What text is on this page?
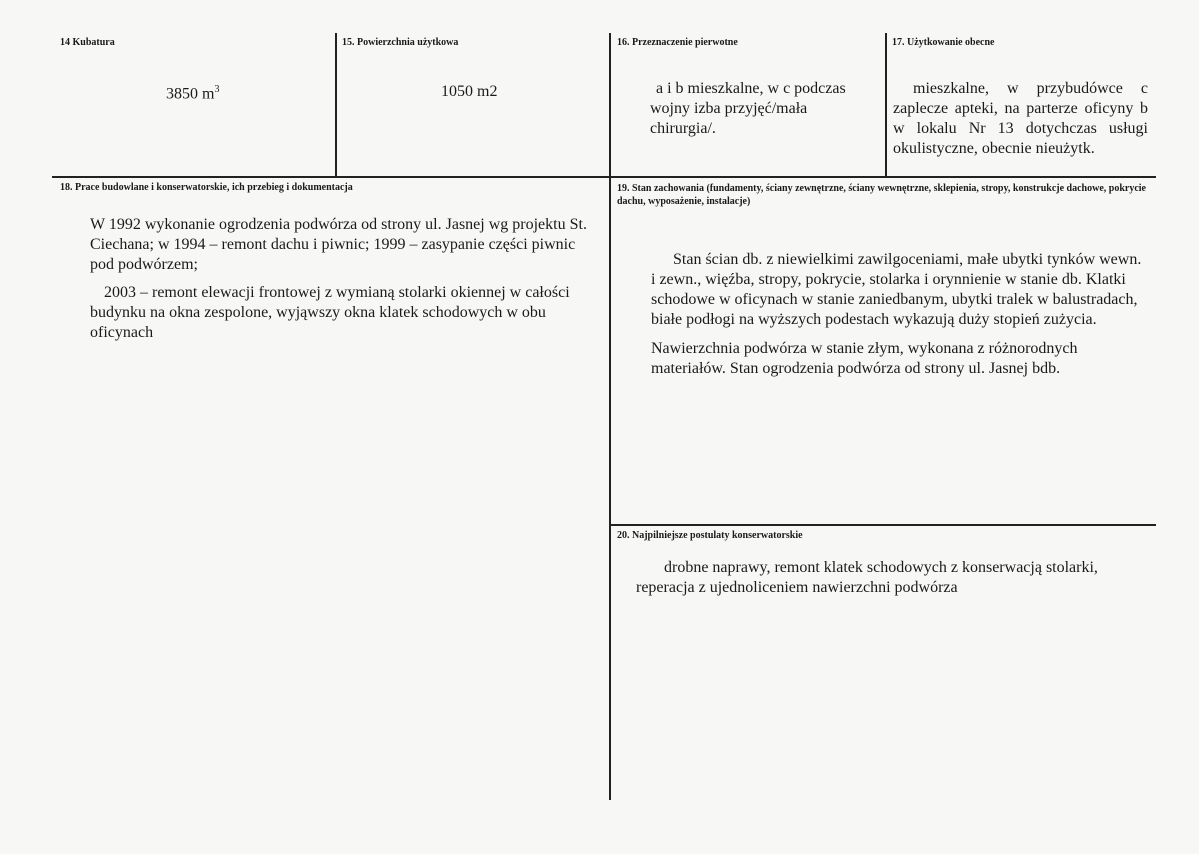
14 Kubatura
3850 $m^3$
15. Powierzchnia użytkowa
1050 m2
16. Przeznaczenie pierwotne
a i b mieszkalne, w c podczas wojny izba przyjęć/mała chirurgia/.
17. Użytkowanie obecne
mieszkalne, w przybudówce c zaplecze apteki, na parterze oficyny b w lokalu Nr 13 dotychczas usługi okulistyczne, obecnie nieużytk.
18. Prace budowlane i konserwatorskie, ich przebieg i dokumentacja

W 1992 wykonanie ogrodzenia podwórza od strony ul. Jasnej wg projektu St. Ciechana; w 1994 – remont dachu i piwnic; 1999 – zasypanie części piwnic pod podwórzem;

2003 – remont elewacji frontowej z wymianą stolarki okiennej w całości budynku na okna zespolone, wyjąwszy okna klatek schodowych w obu oficynach

19. Stan zachowania (fundamenty, ściany zewnętrzne, ściany wewnętrzne, sklepienia, stropy, konstrukcje dachowe, pokrycie dachu, wyposażenie, instalacje)

Stan ścian db. z niewielkimi zawilgoceniami, małe ubytki tynków wewn. i zewn., więźba, stropy, pokrycie, stolarka i orynnienie w stanie db. Klatki schodowe w oficynach w stanie zaniedbanym, ubytki tralek w balustradach, białe podłogi na wyższych podestach wykazują duży stopień zużycia.

Nawierzchnia podwórza w stanie złym, wykonana z różnorodnych materiałów. Stan ogrodzenia podwórza od strony ul. Jasnej bdb.

20. Najpilniejsze postulaty konserwatorskie
drobne naprawy, remont klatek schodowych z konserwacją stolarki, reperacja z ujednoliceniem nawierzchni podwórza
